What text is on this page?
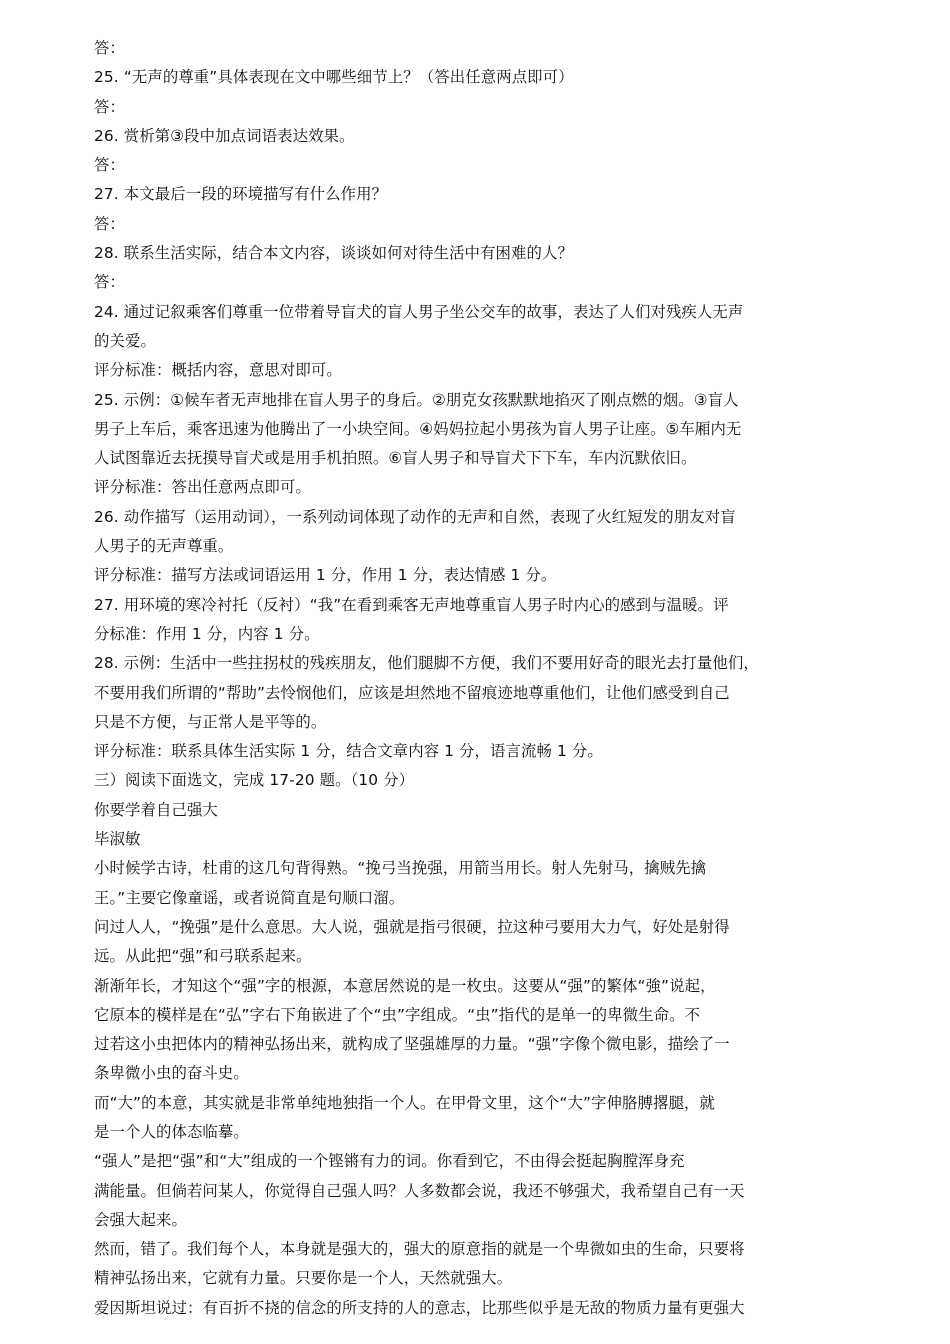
答：
25. “无声的尊重”具体表现在文中哪些细节上？（答出任意两点即可）
答：
26. 赏析第③段中加点词语表达效果。
答：
27. 本文最后一段的环境描写有什么作用？
答：
28. 联系生活实际，结合本文内容，谈谈如何对待生活中有困难的人？
答：
24. 通过记叙乘客们尊重一位带着导盲犬的盲人男子坐公交车的故事，表达了人们对残疾人无声
的关爱。
评分标准：概括内容，意思对即可。
25. 示例：①候车者无声地排在盲人男子的身后。②朋克女孩默默地掐灭了刚点燃的烟。③盲人
男子上车后，乘客迅速为他腾出了一小块空间。④妈妈拉起小男孩为盲人男子让座。⑤车厢内无
人试图靠近去抚摸导盲犬或是用手机拍照。⑥盲人男子和导盲犬下下车，车内沉默依旧。
评分标准：答出任意两点即可。
26. 动作描写（运用动词），一系列动词体现了动作的无声和自然，表现了火红短发的朋友对盲
人男子的无声尊重。
评分标准：描写方法或词语运用 1 分，作用 1 分，表达情感 1 分。
27. 用环境的寒冷衬托（反衬）“我”在看到乘客无声地尊重盲人男子时内心的感到与温暖。评
分标准：作用 1 分，内容 1 分。
28. 示例：生活中一些拄拐杖的残疾朋友，他们腿脚不方便，我们不要用好奇的眼光去打量他们，
不要用我们所谓的“帮助”去怜悯他们，应该是坦然地不留痕迹地尊重他们，让他们感受到自己
只是不方便，与正常人是平等的。
评分标准：联系具体生活实际 1 分，结合文章内容 1 分，语言流畅 1 分。
三）阅读下面选文，完成 17-20 题。（10 分）
你要学着自己强大
毕淑敏
小时候学古诗，杜甫的这几句背得熟。“挽弓当挽强，用箭当用长。射人先射马，擒贼先擒
王。”主要它像童谣，或者说简直是句顺口溜。
问过人人，“挽强”是什么意思。大人说，强就是指弓很硬，拉这种弓要用大力气，好处是射得
远。从此把“强”和弓联系起来。
渐渐年长，才知这个“强”字的根源，本意居然说的是一枚虫。这要从“强”的繁体“強”说起，
它原本的模样是在“弘”字右下角嵌进了个“虫”字组成。“虫”指代的是单一的卑微生命。不
过若这小虫把体内的精神弘扬出来，就构成了坚强雄厚的力量。“强”字像个微电影，描绘了一
条卑微小虫的奋斗史。
而“大”的本意，其实就是非常单纯地独指一个人。在甲骨文里，这个“大”字伸胳膊撂腿，就
是一个人的体态临摹。
“强人”是把“强”和“大”组成的一个铿锵有力的词。你看到它，不由得会挺起胸膛浑身充
满能量。但倘若问某人，你觉得自己强人吗？人多数都会说，我还不够强犬，我希望自己有一天
会强大起来。
然而，错了。我们每个人，本身就是强大的，强大的原意指的就是一个卑微如虫的生命，只要将
精神弘扬出来，它就有力量。只要你是一个人，天然就强大。
爱因斯坦说过：有百折不挠的信念的所支持的人的意志，比那些似乎是无敌的物质力量有更强大
